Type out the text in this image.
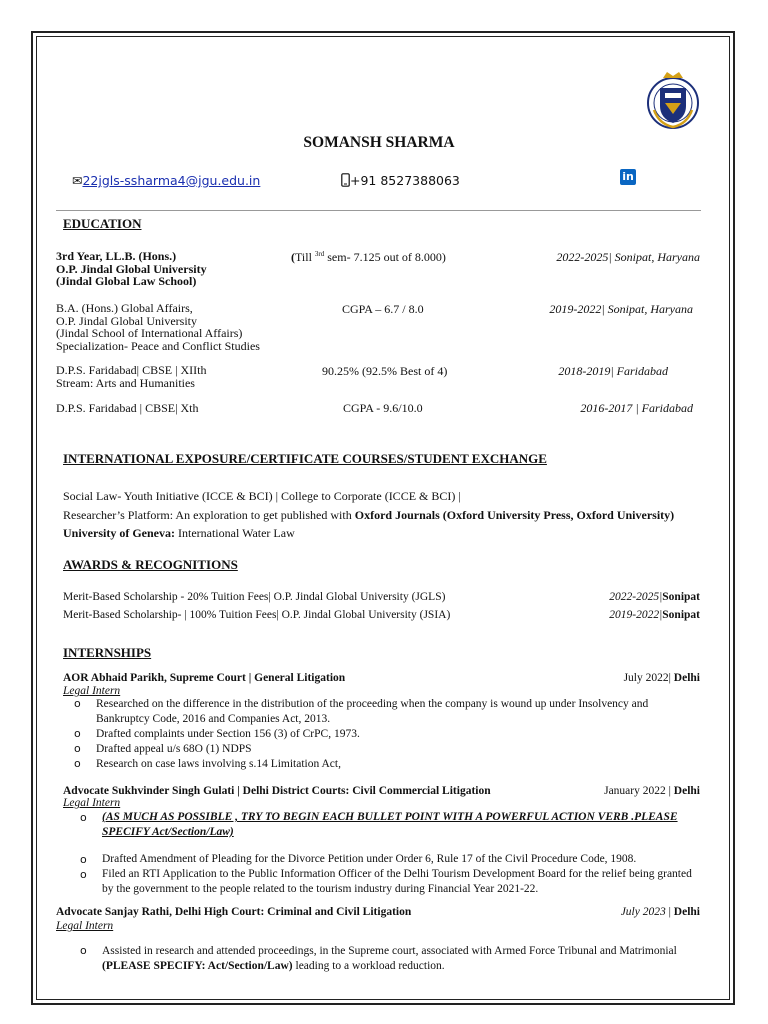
SOMANSH SHARMA
✉22jgls-ssharma4@jgu.edu.in	+91 8527388063	in
EDUCATION
3rd Year, LL.B. (Hons.)
O.P. Jindal Global University
(Jindal Global Law School)
(Till $^{3rd}$ sem- 7.125 out of 8.000)	2022-2025| Sonipat, Haryana
B.A. (Hons.) Global Affairs,
O.P. Jindal Global University
(Jindal School of International Affairs)
Specialization- Peace and Conflict Studies
CGPA – 6.7 / 8.0	2019-2022| Sonipat, Haryana
D.P.S. Faridabad| CBSE | XIIth
Stream: Arts and Humanities
90.25% (92.5% Best of 4)	2018-2019| Faridabad
D.P.S. Faridabad | CBSE| Xth	CGPA - 9.6/10.0	2016-2017 | Faridabad
INTERNATIONAL EXPOSURE/CERTIFICATE COURSES/STUDENT EXCHANGE
Social Law- Youth Initiative (ICCE & BCI) | College to Corporate (ICCE & BCI) |
Researcher’s Platform: An exploration to get published with Oxford Journals (Oxford University Press, Oxford University)
University of Geneva: International Water Law
AWARDS & RECOGNITIONS
Merit-Based Scholarship - 20% Tuition Fees| O.P. Jindal Global University (JGLS)	2022-2025|Sonipat
Merit-Based Scholarship- | 100% Tuition Fees| O.P. Jindal Global University (JSIA)	2019-2022|Sonipat
INTERNSHIPS
AOR Abhaid Parikh, Supreme Court | General Litigation	July 2022| Delhi
Legal Intern
o Researched on the difference in the distribution of the proceeding when the company is wound up under Insolvency and
Bankruptcy Code, 2016 and Companies Act, 2013.
o Drafted complaints under Section 156 (3) of CrPC, 1973.
o Drafted appeal u/s 68O (1) NDPS
o Research on case laws involving s.14 Limitation Act,
Advocate Sukhvinder Singh Gulati | Delhi District Courts: Civil Commercial Litigation	January 2022 | Delhi
Legal Intern
o (AS MUCH AS POSSIBLE , TRY TO BEGIN EACH BULLET POINT WITH A POWERFUL ACTION VERB .PLEASE
SPECIFY Act/Section/Law)
o Drafted Amendment of Pleading for the Divorce Petition under Order 6, Rule 17 of the Civil Procedure Code, 1908.
o Filed an RTI Application to the Public Information Officer of the Delhi Tourism Development Board for the relief being granted
by the government to the people related to the tourism industry during Financial Year 2021-22.
Advocate Sanjay Rathi, Delhi High Court: Criminal and Civil Litigation	July 2023 | Delhi
Legal Intern
o Assisted in research and attended proceedings, in the Supreme court, associated with Armed Force Tribunal and Matrimonial
(PLEASE SPECIFY: Act/Section/Law) leading to a workload reduction.
